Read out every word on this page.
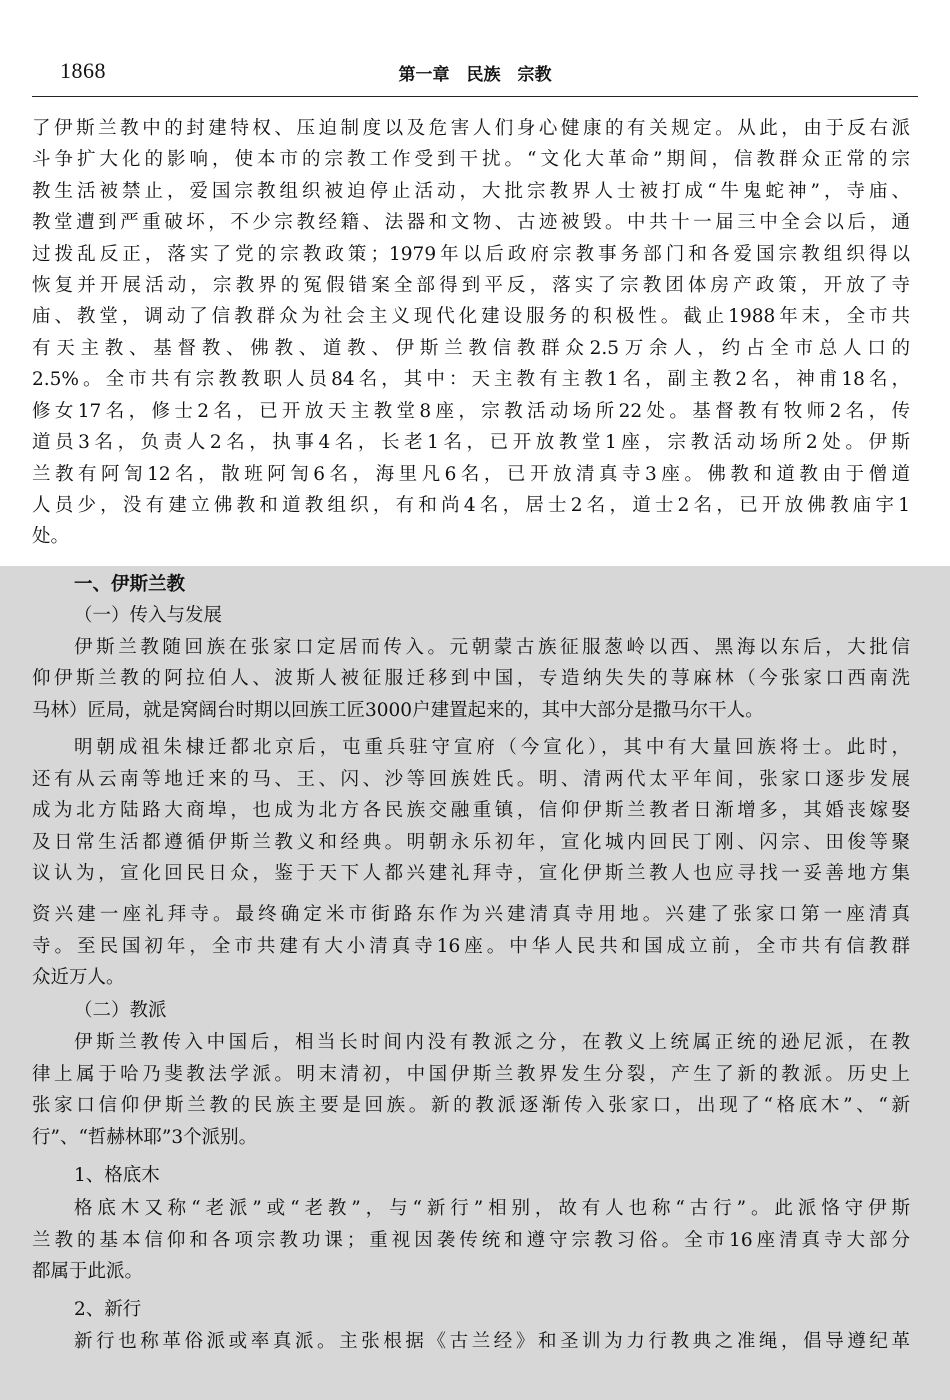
1868	第一章　民族　宗教
了伊斯兰教中的封建特权、压迫制度以及危害人们身心健康的有关规定。从此，由于反右派
斗争扩大化的影响，使本市的宗教工作受到干扰。“文化大革命”期间，信教群众正常的宗
教生活被禁止，爱国宗教组织被迫停止活动，大批宗教界人士被打成“牛鬼蛇神”，寺庙、
教堂遭到严重破坏，不少宗教经籍、法器和文物、古迹被毁。中共十一届三中全会以后，通
过拨乱反正，落实了党的宗教政策；1979年以后政府宗教事务部门和各爱国宗教组织得以
恢复并开展活动，宗教界的冤假错案全部得到平反，落实了宗教团体房产政策，开放了寺
庙、教堂，调动了信教群众为社会主义现代化建设服务的积极性。截止1988年末，全市共
有天主教、基督教、佛教、道教、伊斯兰教信教群众2.5万余人，约占全市总人口的
2.5%。全市共有宗教教职人员84名，其中：天主教有主教1名，副主教2名，神甫18名，
修女17名，修士2名，已开放天主教堂8座，宗教活动场所22处。基督教有牧师2名，传
道员3名，负责人2名，执事4名，长老1名，已开放教堂1座，宗教活动场所2处。伊斯
兰教有阿訇12名，散班阿訇6名，海里凡6名，已开放清真寺3座。佛教和道教由于僧道
人员少，没有建立佛教和道教组织，有和尚4名，居士2名，道士2名，已开放佛教庙宇1
处。
一、伊斯兰教
（一）传入与发展
伊斯兰教随回族在张家口定居而传入。元朝蒙古族征服葱岭以西、黑海以东后，大批信
仰伊斯兰教的阿拉伯人、波斯人被征服迁移到中国，专造纳失失的荨麻林（今张家口西南洗
马林）匠局，就是窝阔台时期以回族工匠3000户建置起来的，其中大部分是撒马尔干人。
明朝成祖朱棣迁都北京后，屯重兵驻守宣府（今宣化），其中有大量回族将士。此时，
还有从云南等地迁来的马、王、闪、沙等回族姓氏。明、清两代太平年间，张家口逐步发展
成为北方陆路大商埠，也成为北方各民族交融重镇，信仰伊斯兰教者日渐增多，其婚丧嫁娶
及日常生活都遵循伊斯兰教义和经典。明朝永乐初年，宣化城内回民丁刚、闪宗、田俊等聚
议认为，宣化回民日众，鉴于天下人都兴建礼拜寺，宣化伊斯兰教人也应寻找一妥善地方集
资兴建一座礼拜寺。最终确定米市街路东作为兴建清真寺用地。兴建了张家口第一座清真
寺。至民国初年，全市共建有大小清真寺16座。中华人民共和国成立前，全市共有信教群
众近万人。
（二）教派
伊斯兰教传入中国后，相当长时间内没有教派之分，在教义上统属正统的逊尼派，在教
律上属于哈乃斐教法学派。明末清初，中国伊斯兰教界发生分裂，产生了新的教派。历史上
张家口信仰伊斯兰教的民族主要是回族。新的教派逐渐传入张家口，出现了“格底木”、“新
行”、“哲赫林耶”3个派别。
1、格底木
格底木又称“老派”或“老教”，与“新行”相别，故有人也称“古行”。此派恪守伊斯
兰教的基本信仰和各项宗教功课；重视因袭传统和遵守宗教习俗。全市16座清真寺大部分
都属于此派。
2、新行
新行也称革俗派或率真派。主张根据《古兰经》和圣训为力行教典之准绳，倡导遵纪革
